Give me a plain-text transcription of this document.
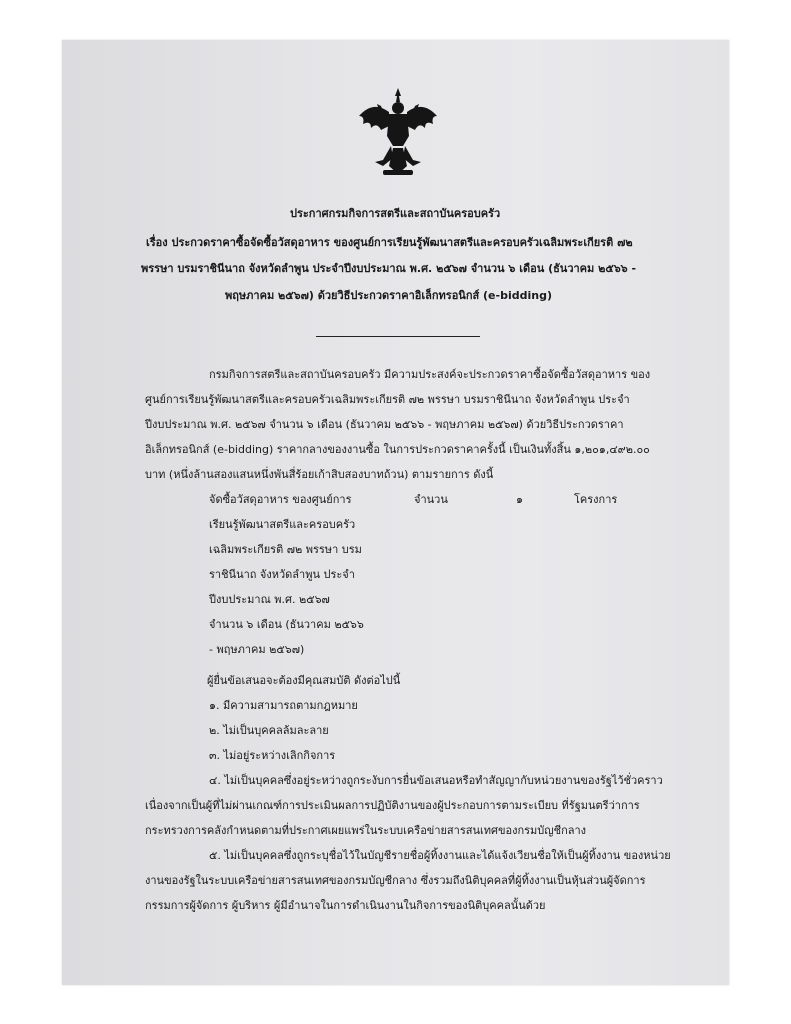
ประกาศกรมกิจการสตรีและสถาบันครอบครัว
เรื่อง ประกวดราคาซื้อจัดซื้อวัสดุอาหาร ของศูนย์การเรียนรู้พัฒนาสตรีและครอบครัวเฉลิมพระเกียรติ ๗๒
พรรษา บรมราชินีนาถ จังหวัดลำพูน ประจำปีงบประมาณ พ.ศ. ๒๕๖๗ จำนวน ๖ เดือน (ธันวาคม ๒๕๖๖ -
พฤษภาคม ๒๕๖๗) ด้วยวิธีประกวดราคาอิเล็กทรอนิกส์ (e-bidding)
กรมกิจการสตรีและสถาบันครอบครัว มีความประสงค์จะประกวดราคาซื้อจัดซื้อวัสดุอาหาร ของ
ศูนย์การเรียนรู้พัฒนาสตรีและครอบครัวเฉลิมพระเกียรติ ๗๒ พรรษา บรมราชินีนาถ จังหวัดลำพูน ประจำ
ปีงบประมาณ พ.ศ. ๒๕๖๗ จำนวน ๖ เดือน (ธันวาคม ๒๕๖๖ - พฤษภาคม ๒๕๖๗) ด้วยวิธีประกวดราคา
อิเล็กทรอนิกส์ (e-bidding) ราคากลางของงานซื้อ ในการประกวดราคาครั้งนี้ เป็นเงินทั้งสิ้น ๑,๒๐๑,๔๙๒.๐๐
บาท (หนึ่งล้านสองแสนหนึ่งพันสี่ร้อยเก้าสิบสองบาทถ้วน) ตามรายการ ดังนี้
จัดซื้อวัสดุอาหาร ของศูนย์การ
เรียนรู้พัฒนาสตรีและครอบครัว
เฉลิมพระเกียรติ ๗๒ พรรษา บรม
ราชินีนาถ จังหวัดลำพูน ประจำ
ปีงบประมาณ พ.ศ. ๒๕๖๗
จำนวน ๖ เดือน (ธันวาคม ๒๕๖๖
- พฤษภาคม ๒๕๖๗)
จำนวน	๑	โครงการ
ผู้ยื่นข้อเสนอจะต้องมีคุณสมบัติ ดังต่อไปนี้
๑. มีความสามารถตามกฎหมาย
๒. ไม่เป็นบุคคลล้มละลาย
๓. ไม่อยู่ระหว่างเลิกกิจการ
๔. ไม่เป็นบุคคลซึ่งอยู่ระหว่างถูกระงับการยื่นข้อเสนอหรือทำสัญญากับหน่วยงานของรัฐไว้ชั่วคราว
เนื่องจากเป็นผู้ที่ไม่ผ่านเกณฑ์การประเมินผลการปฏิบัติงานของผู้ประกอบการตามระเบียบ ที่รัฐมนตรีว่าการ
กระทรวงการคลังกำหนดตามที่ประกาศเผยแพร่ในระบบเครือข่ายสารสนเทศของกรมบัญชีกลาง
๕. ไม่เป็นบุคคลซึ่งถูกระบุชื่อไว้ในบัญชีรายชื่อผู้ทิ้งงานและได้แจ้งเวียนชื่อให้เป็นผู้ทิ้งงาน ของหน่วย
งานของรัฐในระบบเครือข่ายสารสนเทศของกรมบัญชีกลาง ซึ่งรวมถึงนิติบุคคลที่ผู้ทิ้งงานเป็นหุ้นส่วนผู้จัดการ
กรรมการผู้จัดการ ผู้บริหาร ผู้มีอำนาจในการดำเนินงานในกิจการของนิติบุคคลนั้นด้วย
